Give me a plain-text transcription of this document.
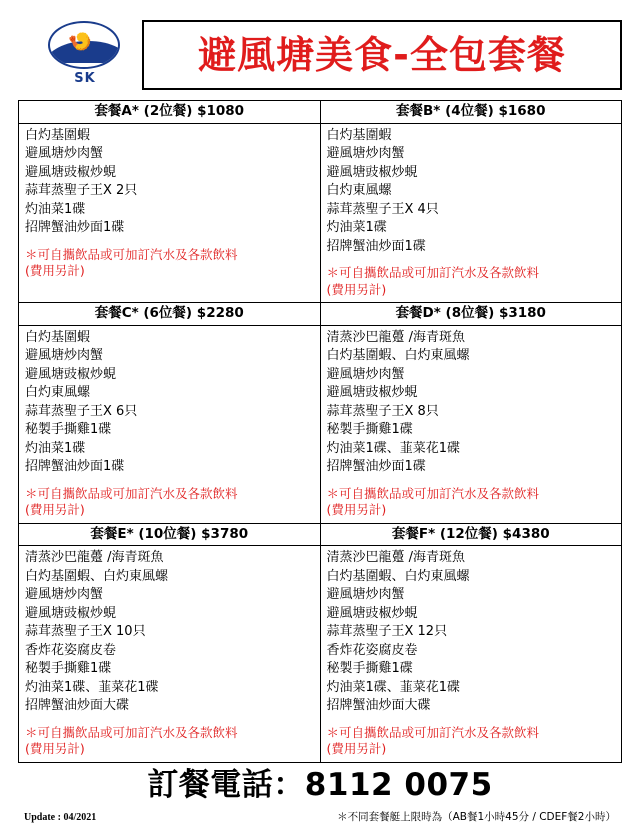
🍤
SK
避風塘美食-全包套餐
套餐A* (2位餐) $1080
白灼基圍蝦
避風塘炒肉蟹
避風塘豉椒炒蜆
蒜茸蒸聖子王X 2只
灼油菜1碟
招牌蟹油炒面1碟
＊可自攜飲品或可加訂汽水及各款飲料
(費用另計)

套餐B* (4位餐) $1680
白灼基圍蝦
避風塘炒肉蟹
避風塘豉椒炒蜆
白灼東風螺
蒜茸蒸聖子王X 4只
灼油菜1碟
招牌蟹油炒面1碟
＊可自攜飲品或可加訂汽水及各款飲料
(費用另計)

套餐C* (6位餐) $2280
白灼基圍蝦
避風塘炒肉蟹
避風塘豉椒炒蜆
白灼東風螺
蒜茸蒸聖子王X 6只
秘製手撕雞1碟
灼油菜1碟
招牌蟹油炒面1碟
＊可自攜飲品或可加訂汽水及各款飲料
(費用另計)

套餐D* (8位餐) $3180
清蒸沙巴龍躉 /海青斑魚
白灼基圍蝦、白灼東風螺
避風塘炒肉蟹
避風塘豉椒炒蜆
蒜茸蒸聖子王X 8只
秘製手撕雞1碟
灼油菜1碟、韮菜花1碟
招牌蟹油炒面1碟
＊可自攜飲品或可加訂汽水及各款飲料
(費用另計)

套餐E* (10位餐) $3780
清蒸沙巴龍躉 /海青斑魚
白灼基圍蝦、白灼東風螺
避風塘炒肉蟹
避風塘豉椒炒蜆
蒜茸蒸聖子王X 10只
香炸花姿腐皮卷
秘製手撕雞1碟
灼油菜1碟、韮菜花1碟
招牌蟹油炒面大碟
＊可自攜飲品或可加訂汽水及各款飲料
(費用另計)

套餐F* (12位餐) $4380
清蒸沙巴龍躉 /海青斑魚
白灼基圍蝦、白灼東風螺
避風塘炒肉蟹
避風塘豉椒炒蜆
蒜茸蒸聖子王X 12只
香炸花姿腐皮卷
秘製手撕雞1碟
灼油菜1碟、韮菜花1碟
招牌蟹油炒面大碟
＊可自攜飲品或可加訂汽水及各款飲料
(費用另計)
訂餐電話：8112 0075
Update : 04/2021	＊不同套餐艇上限時為（AB餐1小時45分 / CDEF餐2小時）
